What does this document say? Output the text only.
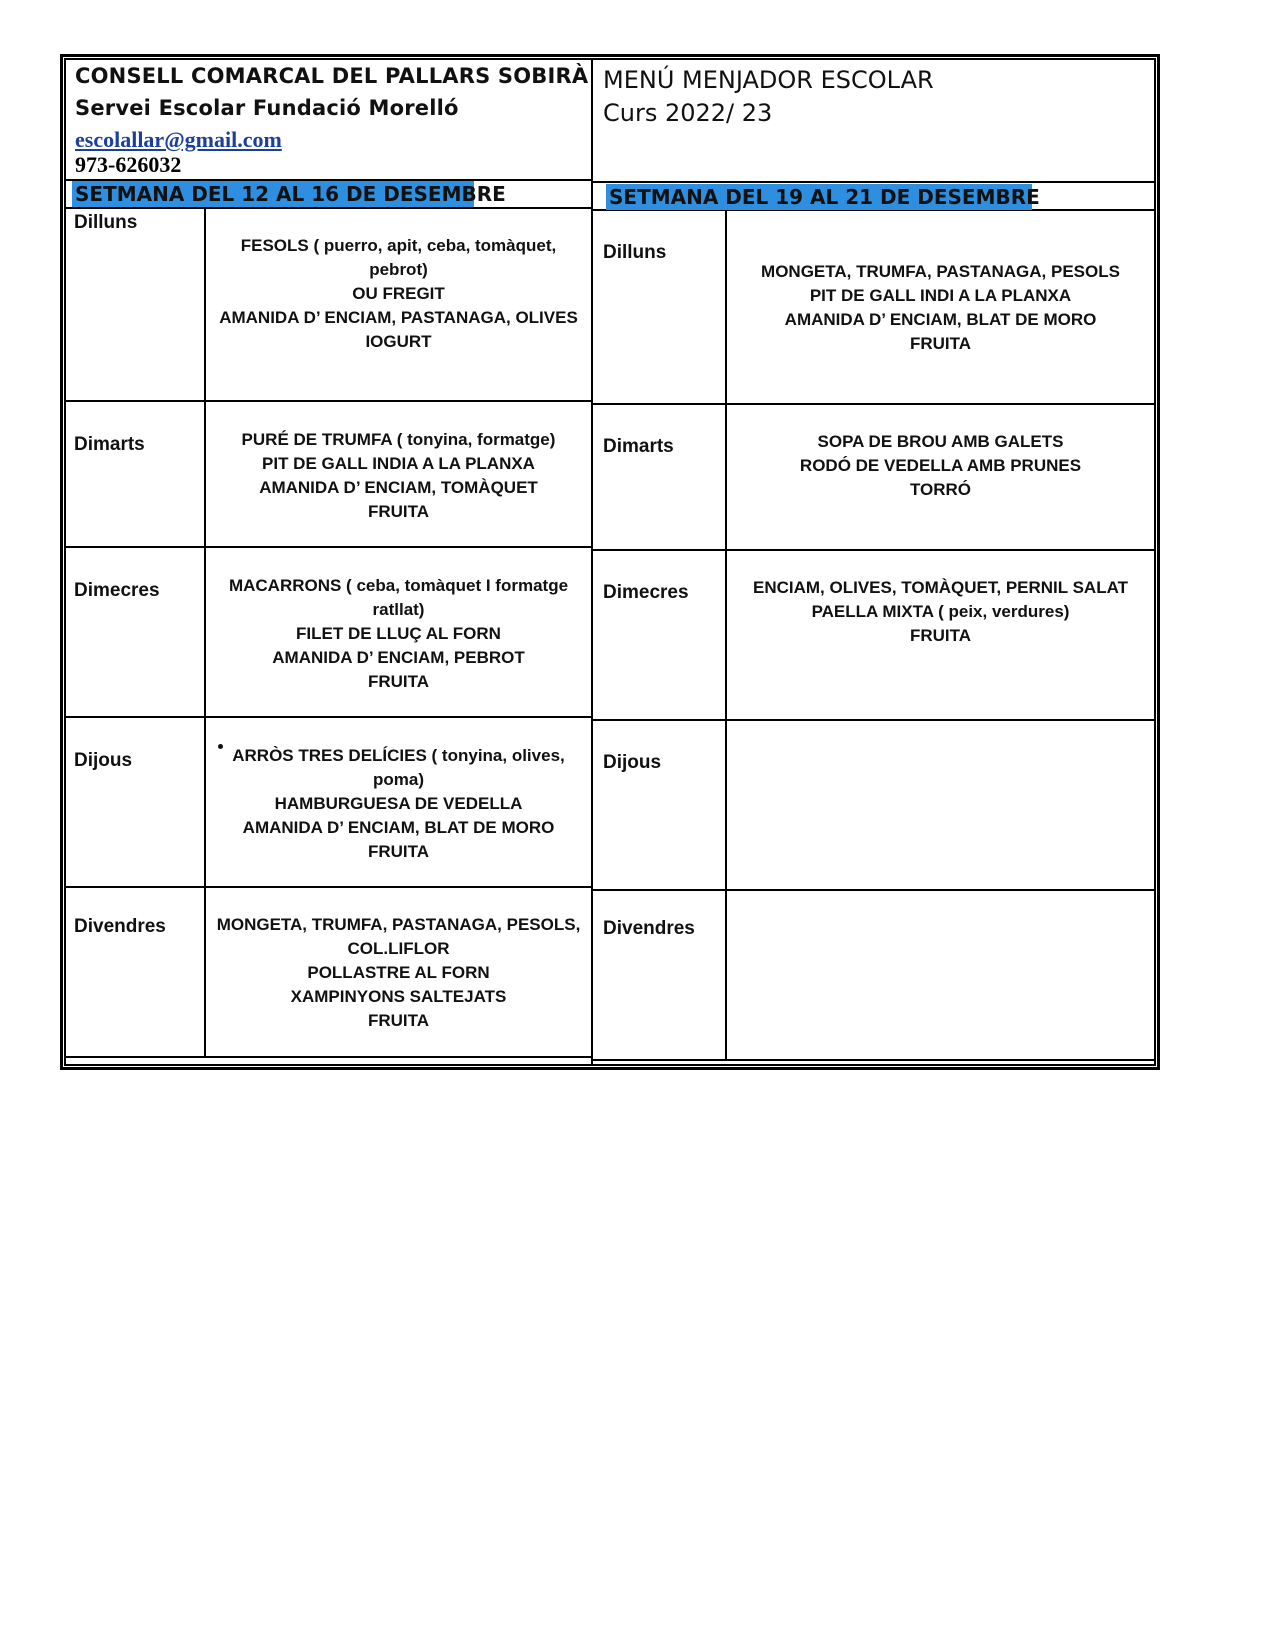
CONSELL COMARCAL DEL PALLARS SOBIRÀ
Servei Escolar Fundació Morelló
escolallar@gmail.com
973-626032
MENÚ MENJADOR ESCOLAR
Curs 2022/ 23
SETMANA DEL 12 AL 16 DE DESEMBRE	SETMANA DEL 19 AL 21 DE DESEMBRE
Dilluns
Dimarts
Dimecres
Dijous
Divendres
FESOLS ( puerro, apit, ceba, tomàquet,
pebrot)
OU FREGIT
AMANIDA D’ ENCIAM, PASTANAGA, OLIVES
IOGURT
PURÉ DE TRUMFA ( tonyina, formatge)
PIT DE GALL INDIA A LA PLANXA
AMANIDA D’ ENCIAM, TOMÀQUET
FRUITA
MACARRONS ( ceba, tomàquet I formatge
ratllat)
FILET DE LLUÇ AL FORN
AMANIDA D’ ENCIAM, PEBROT
FRUITA
ARRÒS TRES DELÍCIES ( tonyina, olives,
poma)
HAMBURGUESA DE VEDELLA
AMANIDA D’ ENCIAM, BLAT DE MORO
FRUITA
MONGETA, TRUMFA, PASTANAGA, PESOLS,
COL.LIFLOR
POLLASTRE AL FORN
XAMPINYONS SALTEJATS
FRUITA
Dilluns
Dimarts
Dimecres
Dijous
Divendres
MONGETA, TRUMFA, PASTANAGA, PESOLS
PIT DE GALL INDI A LA PLANXA
AMANIDA D’ ENCIAM, BLAT DE MORO
FRUITA
SOPA DE BROU AMB GALETS
RODÓ DE VEDELLA AMB PRUNES
TORRÓ
ENCIAM, OLIVES, TOMÀQUET, PERNIL SALAT
PAELLA MIXTA ( peix, verdures)
FRUITA
